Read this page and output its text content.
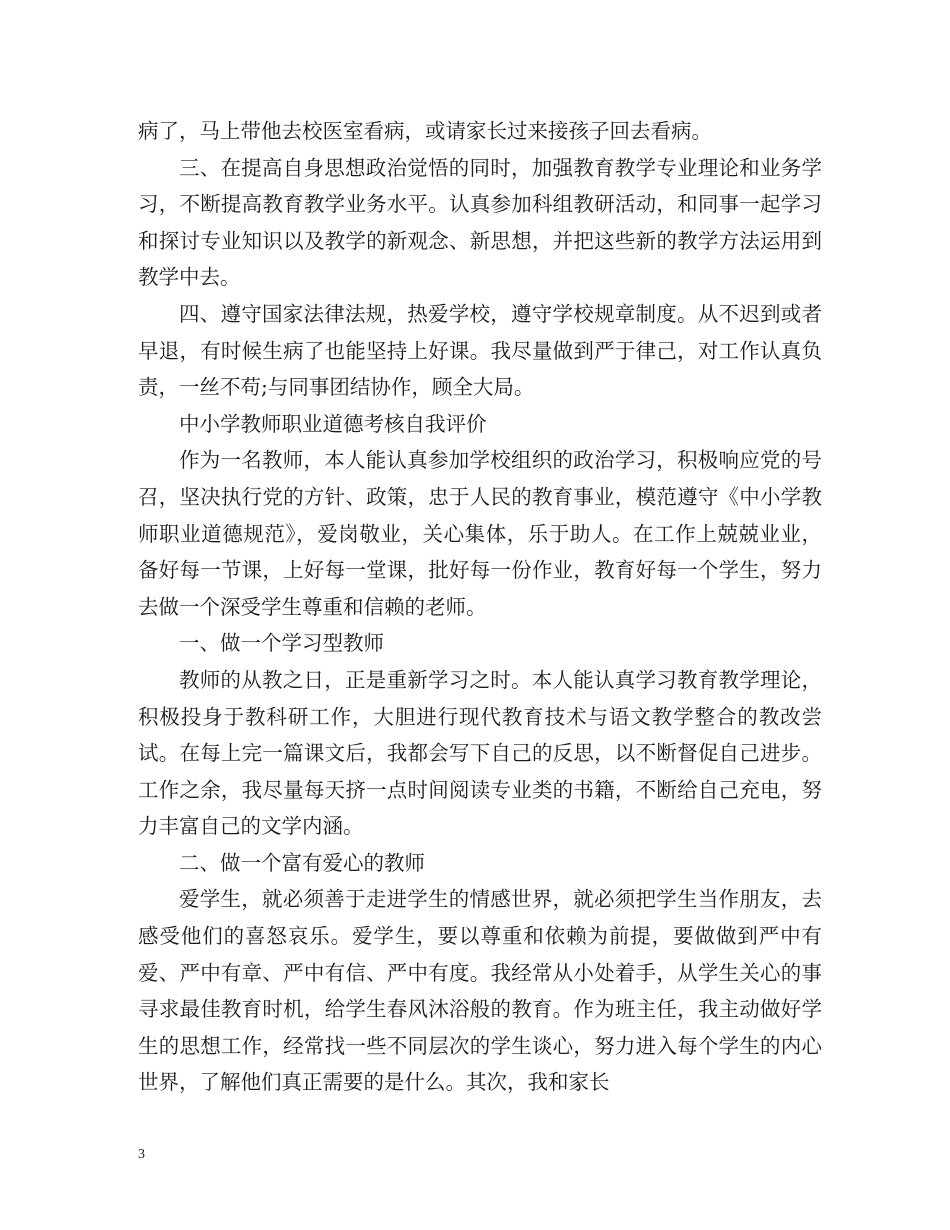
病了，马上带他去校医室看病，或请家长过来接孩子回去看病。

三、在提高自身思想政治觉悟的同时，加强教育教学专业理论和业务学习，不断提高教育教学业务水平。认真参加科组教研活动，和同事一起学习和探讨专业知识以及教学的新观念、新思想，并把这些新的教学方法运用到教学中去。

四、遵守国家法律法规，热爱学校，遵守学校规章制度。从不迟到或者早退，有时候生病了也能坚持上好课。我尽量做到严于律己，对工作认真负责，一丝不苟;与同事团结协作，顾全大局。

中小学教师职业道德考核自我评价

作为一名教师，本人能认真参加学校组织的政治学习，积极响应党的号召，坚决执行党的方针、政策，忠于人民的教育事业，模范遵守《中小学教师职业道德规范》，爱岗敬业，关心集体，乐于助人。在工作上兢兢业业，备好每一节课，上好每一堂课，批好每一份作业，教育好每一个学生，努力去做一个深受学生尊重和信赖的老师。

一、做一个学习型教师

教师的从教之日，正是重新学习之时。本人能认真学习教育教学理论，积极投身于教科研工作，大胆进行现代教育技术与语文教学整合的教改尝试。在每上完一篇课文后，我都会写下自己的反思，以不断督促自己进步。工作之余，我尽量每天挤一点时间阅读专业类的书籍，不断给自己充电，努力丰富自己的文学内涵。

二、做一个富有爱心的教师

爱学生，就必须善于走进学生的情感世界，就必须把学生当作朋友，去感受他们的喜怒哀乐。爱学生，要以尊重和依赖为前提，要做做到严中有爱、严中有章、严中有信、严中有度。我经常从小处着手，从学生关心的事寻求最佳教育时机，给学生春风沐浴般的教育。作为班主任，我主动做好学生的思想工作，经常找一些不同层次的学生谈心，努力进入每个学生的内心世界，了解他们真正需要的是什么。其次，我和家长

3
